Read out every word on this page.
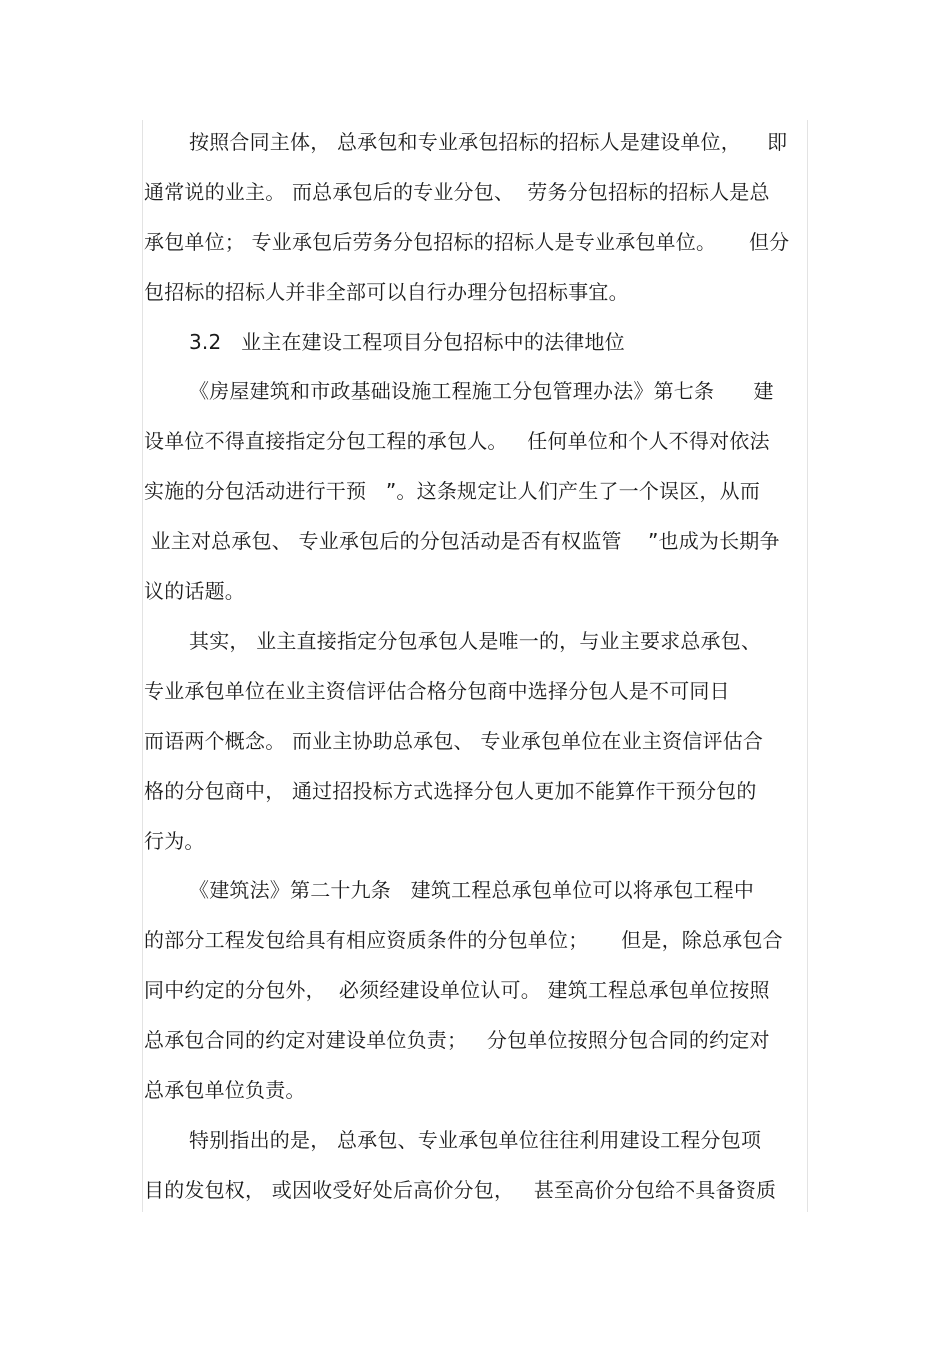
按照合同主体， 总承包和专业承包招标的招标人是建设单位，    即
通常说的业主。 而总承包后的专业分包、  劳务分包招标的招标人是总
承包单位； 专业承包后劳务分包招标的招标人是专业承包单位。     但分
包招标的招标人并非全部可以自行办理分包招标事宜。
3.2   业主在建设工程项目分包招标中的法律地位
《房屋建筑和市政基础设施工程施工分包管理办法》第七条      建
设单位不得直接指定分包工程的承包人。   任何单位和个人不得对依法
实施的分包活动进行干预   ”。这条规定让人们产生了一个误区，从而
业主对总承包、 专业承包后的分包活动是否有权监管    ”也成为长期争
议的话题。
其实， 业主直接指定分包承包人是唯一的，与业主要求总承包、
专业承包单位在业主资信评估合格分包商中选择分包人是不可同日
而语两个概念。 而业主协助总承包、 专业承包单位在业主资信评估合
格的分包商中， 通过招投标方式选择分包人更加不能算作干预分包的
行为。
《建筑法》第二十九条   建筑工程总承包单位可以将承包工程中
的部分工程发包给具有相应资质条件的分包单位；     但是，除总承包合
同中约定的分包外，  必须经建设单位认可。 建筑工程总承包单位按照
总承包合同的约定对建设单位负责；   分包单位按照分包合同的约定对
总承包单位负责。
特别指出的是， 总承包、专业承包单位往往利用建设工程分包项
目的发包权， 或因收受好处后高价分包，   甚至高价分包给不具备资质
